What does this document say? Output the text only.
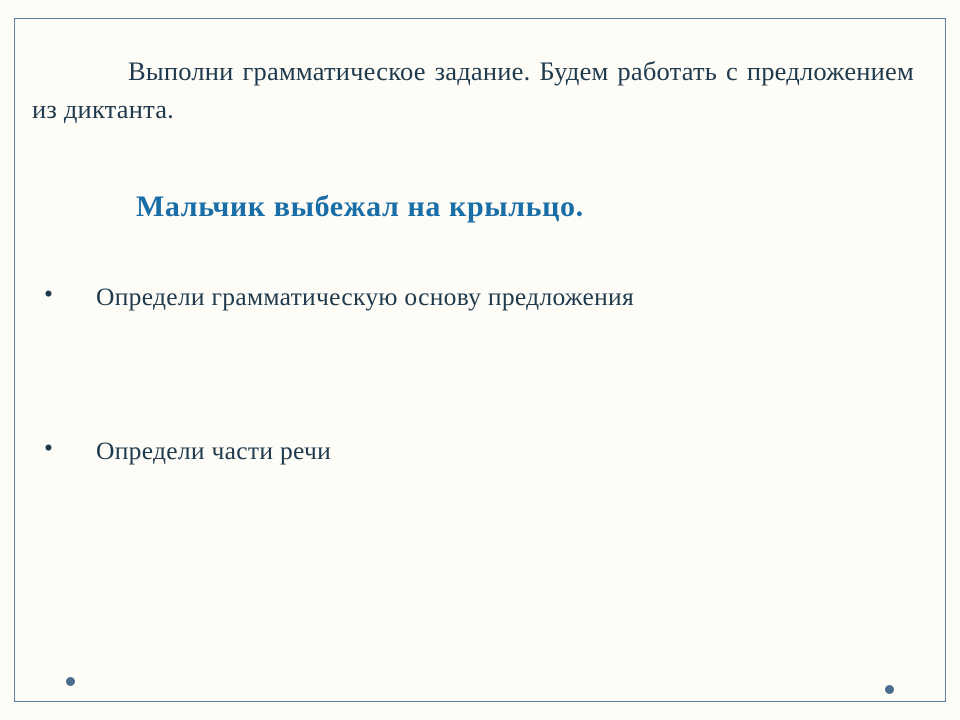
Выполни грамматическое задание. Будем работать с предложением из диктанта.

Мальчик выбежал на крыльцо.

• Определи грамматическую основу предложения
• Определи части речи
